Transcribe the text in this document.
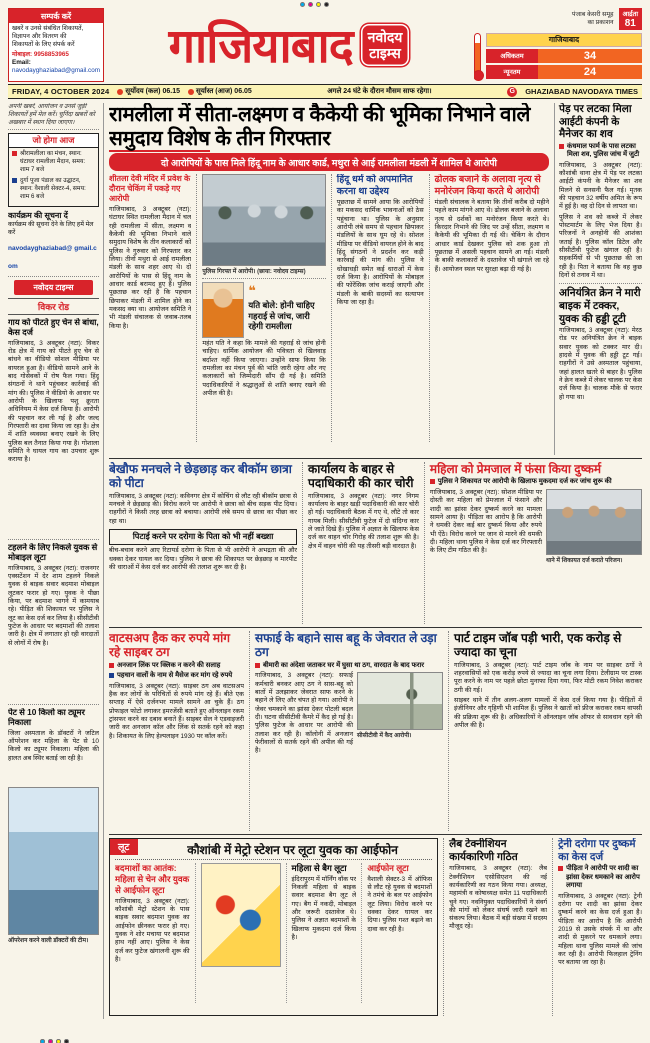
सम्पर्क करें
खबरें व उनसे संबंधित शिकायतें,
विज्ञापन और वितरण की
शिकायतों के लिए संपर्क करें
मोबाइल: 9958853965
Email:
navodayghaziabad@gmail.com गाजियाबाद नवोदय
टाइम्स
पंजाब केसरी समूह
का प्रकाशन
आर्द्रता
81
गाजियाबाद
अधिकतम	34
न्यूनतम	24
FRIDAY, 4 OCTOBER 2024 सूर्योदय (कल) 06.15 सूर्यास्त (आज) 06.05	अगले 24 घंटे के दौरान मौसम साफ रहेगा।	G	GHAZIABAD NAVODAYA TIMES
अपनी खबरें, आयोजन व उनसे जुड़ी शिकायतें हमें मेल करें। चुनिंदा खबरों को अखबार में स्थान दिया जाएगा।
जो होगा आज
श्रीरामलीला का मंचन, स्थान: घंटाघर रामलीला मैदान, समय: शाम 7 बजे
दुर्गा पूजा पंडाल का उद्घाटन, स्थान: वैशाली सेक्टर-4, समय: शाम 6 बजे
कार्यक्रम की सूचना दें
कार्यक्रम की सूचना देने के लिए हमें मेल करें
navodayghaziabad@ gmail.com
नवोदय टाइम्स
विकर रोड
गाय को पीटते हुए चेन से बांधा, केस दर्ज

गाजियाबाद, 3 अक्टूबर (नटा): विकर रोड क्षेत्र में गाय को पीटते हुए चेन से बांधने का वीडियो सोशल मीडिया पर वायरल हुआ है। वीडियो सामने आने के बाद गोसेवकों में रोष फैल गया। हिंदू संगठनों ने थाने पहुंचकर कार्रवाई की मांग की। पुलिस ने वीडियो के आधार पर आरोपी के खिलाफ पशु क्रूरता अधिनियम में केस दर्ज किया है। आरोपी की पहचान कर ली गई है और जल्द गिरफ्तारी का दावा किया जा रहा है। क्षेत्र में शांति व्यवस्था बनाए रखने के लिए पुलिस बल तैनात किया गया है। गोशाला समिति ने घायल गाय का उपचार शुरू कराया है।

टहलने के लिए निकले युवक से मोबाइल लूटा

गाजियाबाद, 3 अक्टूबर (नटा): राजनगर एक्सटेंशन में देर शाम टहलने निकले युवक से बाइक सवार बदमाश मोबाइल लूटकर फरार हो गए। युवक ने पीछा किया, पर बदमाश भागने में कामयाब रहे। पीड़ित की शिकायत पर पुलिस ने लूट का केस दर्ज कर लिया है। सीसीटीवी फुटेज के आधार पर बदमाशों की तलाश जारी है। क्षेत्र में लगातार हो रही वारदातों से लोगों में रोष है।

पेट से 10 किलो का ट्यूमर निकाला

जिला अस्पताल के डॉक्टरों ने जटिल ऑपरेशन कर महिला के पेट से 10 किलो का ट्यूमर निकाला। महिला की हालत अब स्थिर बताई जा रही है।

ऑपरेशन करने वाली डॉक्टरों की टीम।
रामलीला में सीता-लक्ष्मण व कैकेयी की भूमिका निभाने वाले समुदाय विशेष के तीन गिरफ्तार
दो आरोपियों के पास मिले हिंदू नाम के आधार कार्ड, मथुरा से आई रामलीला मंडली में शामिल थे आरोपी
शीतला देवी मंदिर में प्रवेश के दौरान चेकिंग में पकड़े गए आरोपी

गाजियाबाद, 3 अक्टूबर (नटा): घंटाघर स्थित रामलीला मैदान में चल रही रामलीला में सीता, लक्ष्मण व कैकेयी की भूमिका निभाने वाले समुदाय विशेष के तीन कलाकारों को पुलिस ने गुरुवार को गिरफ्तार कर लिया। तीनों मथुरा से आई रामलीला मंडली के साथ शहर आए थे। दो आरोपियों के पास से हिंदू नाम के आधार कार्ड बरामद हुए हैं। पुलिस पूछताछ कर रही है कि पहचान छिपाकर मंडली में शामिल होने का मकसद क्या था। आयोजन समिति ने भी मंडली संचालक से जवाब-तलब किया है।

पुलिस गिरफ्त में आरोपी। (छाया: नवोदय टाइम्स)
❝
यति बोले: होनी चाहिए गहराई से जांच, जारी रहेगी रामलीला

महंत यति ने कहा कि मामले की गहराई से जांच होनी चाहिए। धार्मिक आयोजन की पवित्रता से खिलवाड़ बर्दाश्त नहीं किया जाएगा। उन्होंने साफ किया कि रामलीला का मंचन पूर्व की भांति जारी रहेगा और नए कलाकारों को जिम्मेदारी सौंप दी गई है। समिति पदाधिकारियों ने श्रद्धालुओं से शांति बनाए रखने की अपील की है।

हिंदू धर्म को अपमानित करना था उद्देश्य

पूछताछ में सामने आया कि आरोपियों का मकसद धार्मिक भावनाओं को ठेस पहुंचाना था। पुलिस के अनुसार आरोपी लंबे समय से पहचान छिपाकर मंडलियों के साथ घूम रहे थे। सोशल मीडिया पर वीडियो वायरल होने के बाद हिंदू संगठनों ने प्रदर्शन कर कड़ी कार्रवाई की मांग की। पुलिस ने धोखाधड़ी समेत कई धाराओं में केस दर्ज किया है। आरोपियों के मोबाइल की फोरेंसिक जांच कराई जाएगी और मंडली के बाकी सदस्यों का सत्यापन किया जा रहा है।

ढोलक बजाने के अलावा नृत्य से मनोरंजन किया करते थे आरोपी

मंडली संचालक ने बताया कि तीनों करीब दो महीने पहले काम मांगने आए थे। ढोलक बजाने के अलावा नृत्य से दर्शकों का मनोरंजन किया करते थे। किरदार निभाने की जिद पर उन्हें सीता, लक्ष्मण व कैकेयी की भूमिका दी गई थी। चेकिंग के दौरान आधार कार्ड देखकर पुलिस को शक हुआ तो पूछताछ में असली पहचान सामने आ गई। मंडली के बाकी कलाकारों के दस्तावेज भी खंगाले जा रहे हैं। आयोजन स्थल पर सुरक्षा बढ़ा दी गई है।

पेड़ पर लटका मिला आईटी कंपनी के मैनेजर का शव
कंधमाल फार्म के पास लटका मिला शव, पुलिस जांच में जुटी

गाजियाबाद, 3 अक्टूबर (नटा): कौशांबी थाना क्षेत्र में पेड़ पर लटका आईटी कंपनी के मैनेजर का शव मिलने से सनसनी फैल गई। मृतक की पहचान 32 वर्षीय अमित के रूप में हुई है। वह दो दिन से लापता था।

पुलिस ने शव को कब्जे में लेकर पोस्टमार्टम के लिए भेज दिया है। परिजनों ने अनहोनी की आशंका जताई है। पुलिस कॉल डिटेल और सीसीटीवी फुटेज खंगाल रही है। सहकर्मियों से भी पूछताछ की जा रही है। पिता ने बताया कि वह कुछ दिनों से तनाव में था।

अनियंत्रित क्रेन ने मारी बाइक में टक्कर, युवक की हड्डी टूटी

गाजियाबाद, 3 अक्टूबर (नटा): मेरठ रोड पर अनियंत्रित क्रेन ने बाइक सवार युवक को टक्कर मार दी। हादसे में युवक की हड्डी टूट गई। राहगीरों ने उसे अस्पताल पहुंचाया, जहां हालत खतरे से बाहर है। पुलिस ने क्रेन कब्जे में लेकर चालक पर केस दर्ज किया है। चालक मौके से फरार हो गया था।

बेखौफ मनचले ने छेड़छाड़ कर बीकॉम छात्रा को पीटा

गाजियाबाद, 3 अक्टूबर (नटा): कविनगर क्षेत्र में कोचिंग से लौट रही बीकॉम छात्रा से मनचले ने छेड़छाड़ की। विरोध करने पर आरोपी ने छात्रा को बीच सड़क पीट दिया। राहगीरों ने किसी तरह छात्रा को बचाया। आरोपी लंबे समय से छात्रा का पीछा कर रहा था।

पिटाई करने पर दरोगा के पिता को भी नहीं बख्शा

बीच-बचाव करने आए रिटायर्ड दरोगा के पिता से भी आरोपी ने अभद्रता की और धक्का देकर घायल कर दिया। पुलिस ने छात्रा की शिकायत पर छेड़छाड़ व मारपीट की धाराओं में केस दर्ज कर आरोपी की तलाश शुरू कर दी है।

कार्यालय के बाहर से पदाधिकारी की कार चोरी

गाजियाबाद, 3 अक्टूबर (नटा): नगर निगम कार्यालय के बाहर खड़ी पदाधिकारी की कार चोरी हो गई। पदाधिकारी बैठक में गए थे, लौटे तो कार गायब मिली। सीसीटीवी फुटेज में दो संदिग्ध कार ले जाते दिखे हैं। पुलिस ने अज्ञात के खिलाफ केस दर्ज कर वाहन चोर गिरोह की तलाश शुरू की है। क्षेत्र में वाहन चोरी की यह तीसरी बड़ी वारदात है।

महिला को प्रेमजाल में फंसा किया दुष्कर्म
पुलिस ने शिकायत पर आरोपी के खिलाफ मुकदमा दर्ज कर जांच शुरू की

गाजियाबाद, 3 अक्टूबर (नटा): सोशल मीडिया पर दोस्ती कर महिला को प्रेमजाल में फंसाने और शादी का झांसा देकर दुष्कर्म करने का मामला सामने आया है। पीड़िता का आरोप है कि आरोपी ने धमकी देकर कई बार दुष्कर्म किया और रुपये भी ऐंठे। विरोध करने पर जान से मारने की धमकी दी। महिला थाना पुलिस ने केस दर्ज कर गिरफ्तारी के लिए टीम गठित की है।

थाने में शिकायत दर्ज कराते परिजन।
वाटसअप हैक कर रुपये मांग रहे साइबर ठग
अनजान लिंक पर क्लिक न करने की सलाह
पहचान वालों के नाम से मैसेज कर मांग रहे रुपये

गाजियाबाद, 3 अक्टूबर (नटा): साइबर ठग अब वाटसअप हैक कर लोगों के परिचितों से रुपये मांग रहे हैं। बीते एक सप्ताह में ऐसे दर्जनभर मामले सामने आ चुके हैं। ठग प्रोफाइल फोटो लगाकर इमरजेंसी बताते हुए ऑनलाइन रकम ट्रांसफर करने का दबाव बनाते हैं। साइबर सेल ने एडवाइजरी जारी कर अनजान कॉल और लिंक से सतर्क रहने को कहा है। शिकायत के लिए हेल्पलाइन 1930 पर कॉल करें।

सफाई के बहाने सास बहू के जेवरात ले उड़ा ठग
बीमारी का अंदेशा जताकर घर में घुसा था ठग, वारदात के बाद फरार

गाजियाबाद, 3 अक्टूबर (नटा): सफाई कर्मचारी बनकर आए ठग ने सास-बहू को बातों में उलझाकर जेवरात साफ करने के बहाने ले लिए और चंपत हो गया। आरोपी ने जेवर चमकाने का झांसा देकर पोटली बदल दी। घटना सीसीटीवी कैमरे में कैद हो गई है। पुलिस फुटेज के आधार पर आरोपी की तलाश कर रही है। कॉलोनी में अनजान फेरीवालों से सतर्क रहने की अपील की गई है।

सीसीटीवी में कैद आरोपी।
पार्ट टाइम जॉब पड़ी भारी, एक करोड़ से ज्यादा का चूना

गाजियाबाद, 3 अक्टूबर (नटा): पार्ट टाइम जॉब के नाम पर साइबर ठगों ने शहरवासियों को एक करोड़ रुपये से ज्यादा का चूना लगा दिया। टेलीग्राम पर टास्क पूरा करने के नाम पर पहले छोटा मुनाफा दिया गया, फिर मोटी रकम निवेश कराकर ठगी की गई।

साइबर थाने में तीन अलग-अलग मामलों में केस दर्ज किया गया है। पीड़ितों में इंजीनियर और गृहिणी भी शामिल हैं। पुलिस ने खातों को फ्रीज कराकर रकम वापसी की प्रक्रिया शुरू की है। अधिकारियों ने ऑनलाइन जॉब ऑफर से सावधान रहने की अपील की है।

लूट	कौशांबी में मेट्रो स्टेशन पर लूटा युवक का आईफोन
बदमाशों का आतंक: महिला से चेन और युवक से आईफोन लूटा

गाजियाबाद, 3 अक्टूबर (नटा): कौशांबी मेट्रो स्टेशन के पास बाइक सवार बदमाश युवक का आईफोन छीनकर फरार हो गए। युवक ने शोर मचाया पर बदमाश हाथ नहीं आए। पुलिस ने केस दर्ज कर फुटेज खंगालनी शुरू की है।

महिला से बैग लूटा

इंदिरापुरम में मॉर्निंग वॉक पर निकली महिला से बाइक सवार बदमाश बैग लूट ले गए। बैग में नकदी, मोबाइल और जरूरी दस्तावेज थे। पुलिस ने अज्ञात बदमाशों के खिलाफ मुकदमा दर्ज किया है।

आईफोन लूटा

वैशाली सेक्टर-3 में ऑफिस से लौट रहे युवक से बदमाशों ने तमंचे के बल पर आईफोन लूट लिया। विरोध करने पर धक्का देकर घायल कर दिया। पुलिस गश्त बढ़ाने का दावा कर रही है।

लैब टेक्नीशियन कार्यकारिणी गठित

गाजियाबाद, 3 अक्टूबर (नटा): लैब टेक्नीशियन एसोसिएशन की नई कार्यकारिणी का गठन किया गया। अध्यक्ष, महामंत्री व कोषाध्यक्ष समेत 11 पदाधिकारी चुने गए। नवनियुक्त पदाधिकारियों ने संवर्ग की मांगों को लेकर संघर्ष जारी रखने का संकल्प लिया। बैठक में बड़ी संख्या में सदस्य मौजूद रहे।

ट्रेनी दरोगा पर दुष्कर्म का केस दर्ज
पीड़िता ने आरोपी पर शादी का झांसा देकर धमकाने का आरोप लगाया

गाजियाबाद, 3 अक्टूबर (नटा): ट्रेनी दरोगा पर शादी का झांसा देकर दुष्कर्म करने का केस दर्ज हुआ है। पीड़िता का आरोप है कि आरोपी 2019 से उसके संपर्क में था और शादी से मुकरने पर धमकाने लगा। महिला थाना पुलिस मामले की जांच कर रही है। आरोपी फिलहाल ट्रेनिंग पर बताया जा रहा है।
